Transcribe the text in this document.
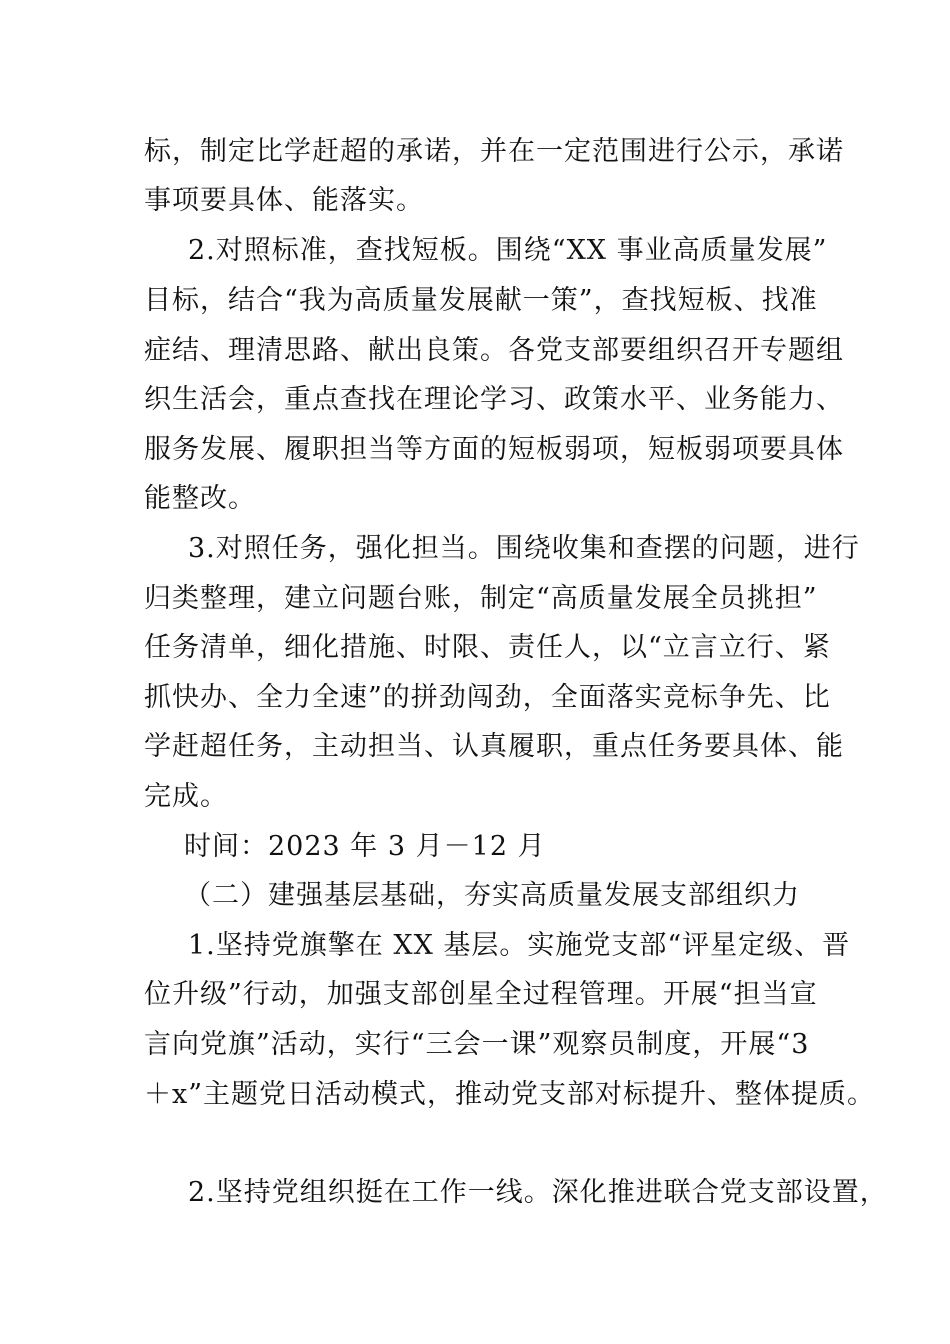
标，制定比学赶超的承诺，并在一定范围进行公示，承诺
事项要具体、能落实。
2.对照标准，查找短板。围绕“XX 事业高质量发展”
目标，结合“我为高质量发展献一策”，查找短板、找准
症结、理清思路、献出良策。各党支部要组织召开专题组
织生活会，重点查找在理论学习、政策水平、业务能力、
服务发展、履职担当等方面的短板弱项，短板弱项要具体
能整改。
3.对照任务，强化担当。围绕收集和查摆的问题，进行
归类整理，建立问题台账，制定“高质量发展全员挑担”
任务清单，细化措施、时限、责任人，以“立言立行、紧
抓快办、全力全速”的拼劲闯劲，全面落实竞标争先、比
学赶超任务，主动担当、认真履职，重点任务要具体、能
完成。
时间：2023 年 3 月－12 月
（二）建强基层基础，夯实高质量发展支部组织力
1.坚持党旗擎在 XX 基层。实施党支部“评星定级、晋
位升级”行动，加强支部创星全过程管理。开展“担当宣
言向党旗”活动，实行“三会一课”观察员制度，开展“3
＋x”主题党日活动模式，推动党支部对标提升、整体提质。
2.坚持党组织挺在工作一线。深化推进联合党支部设置，
